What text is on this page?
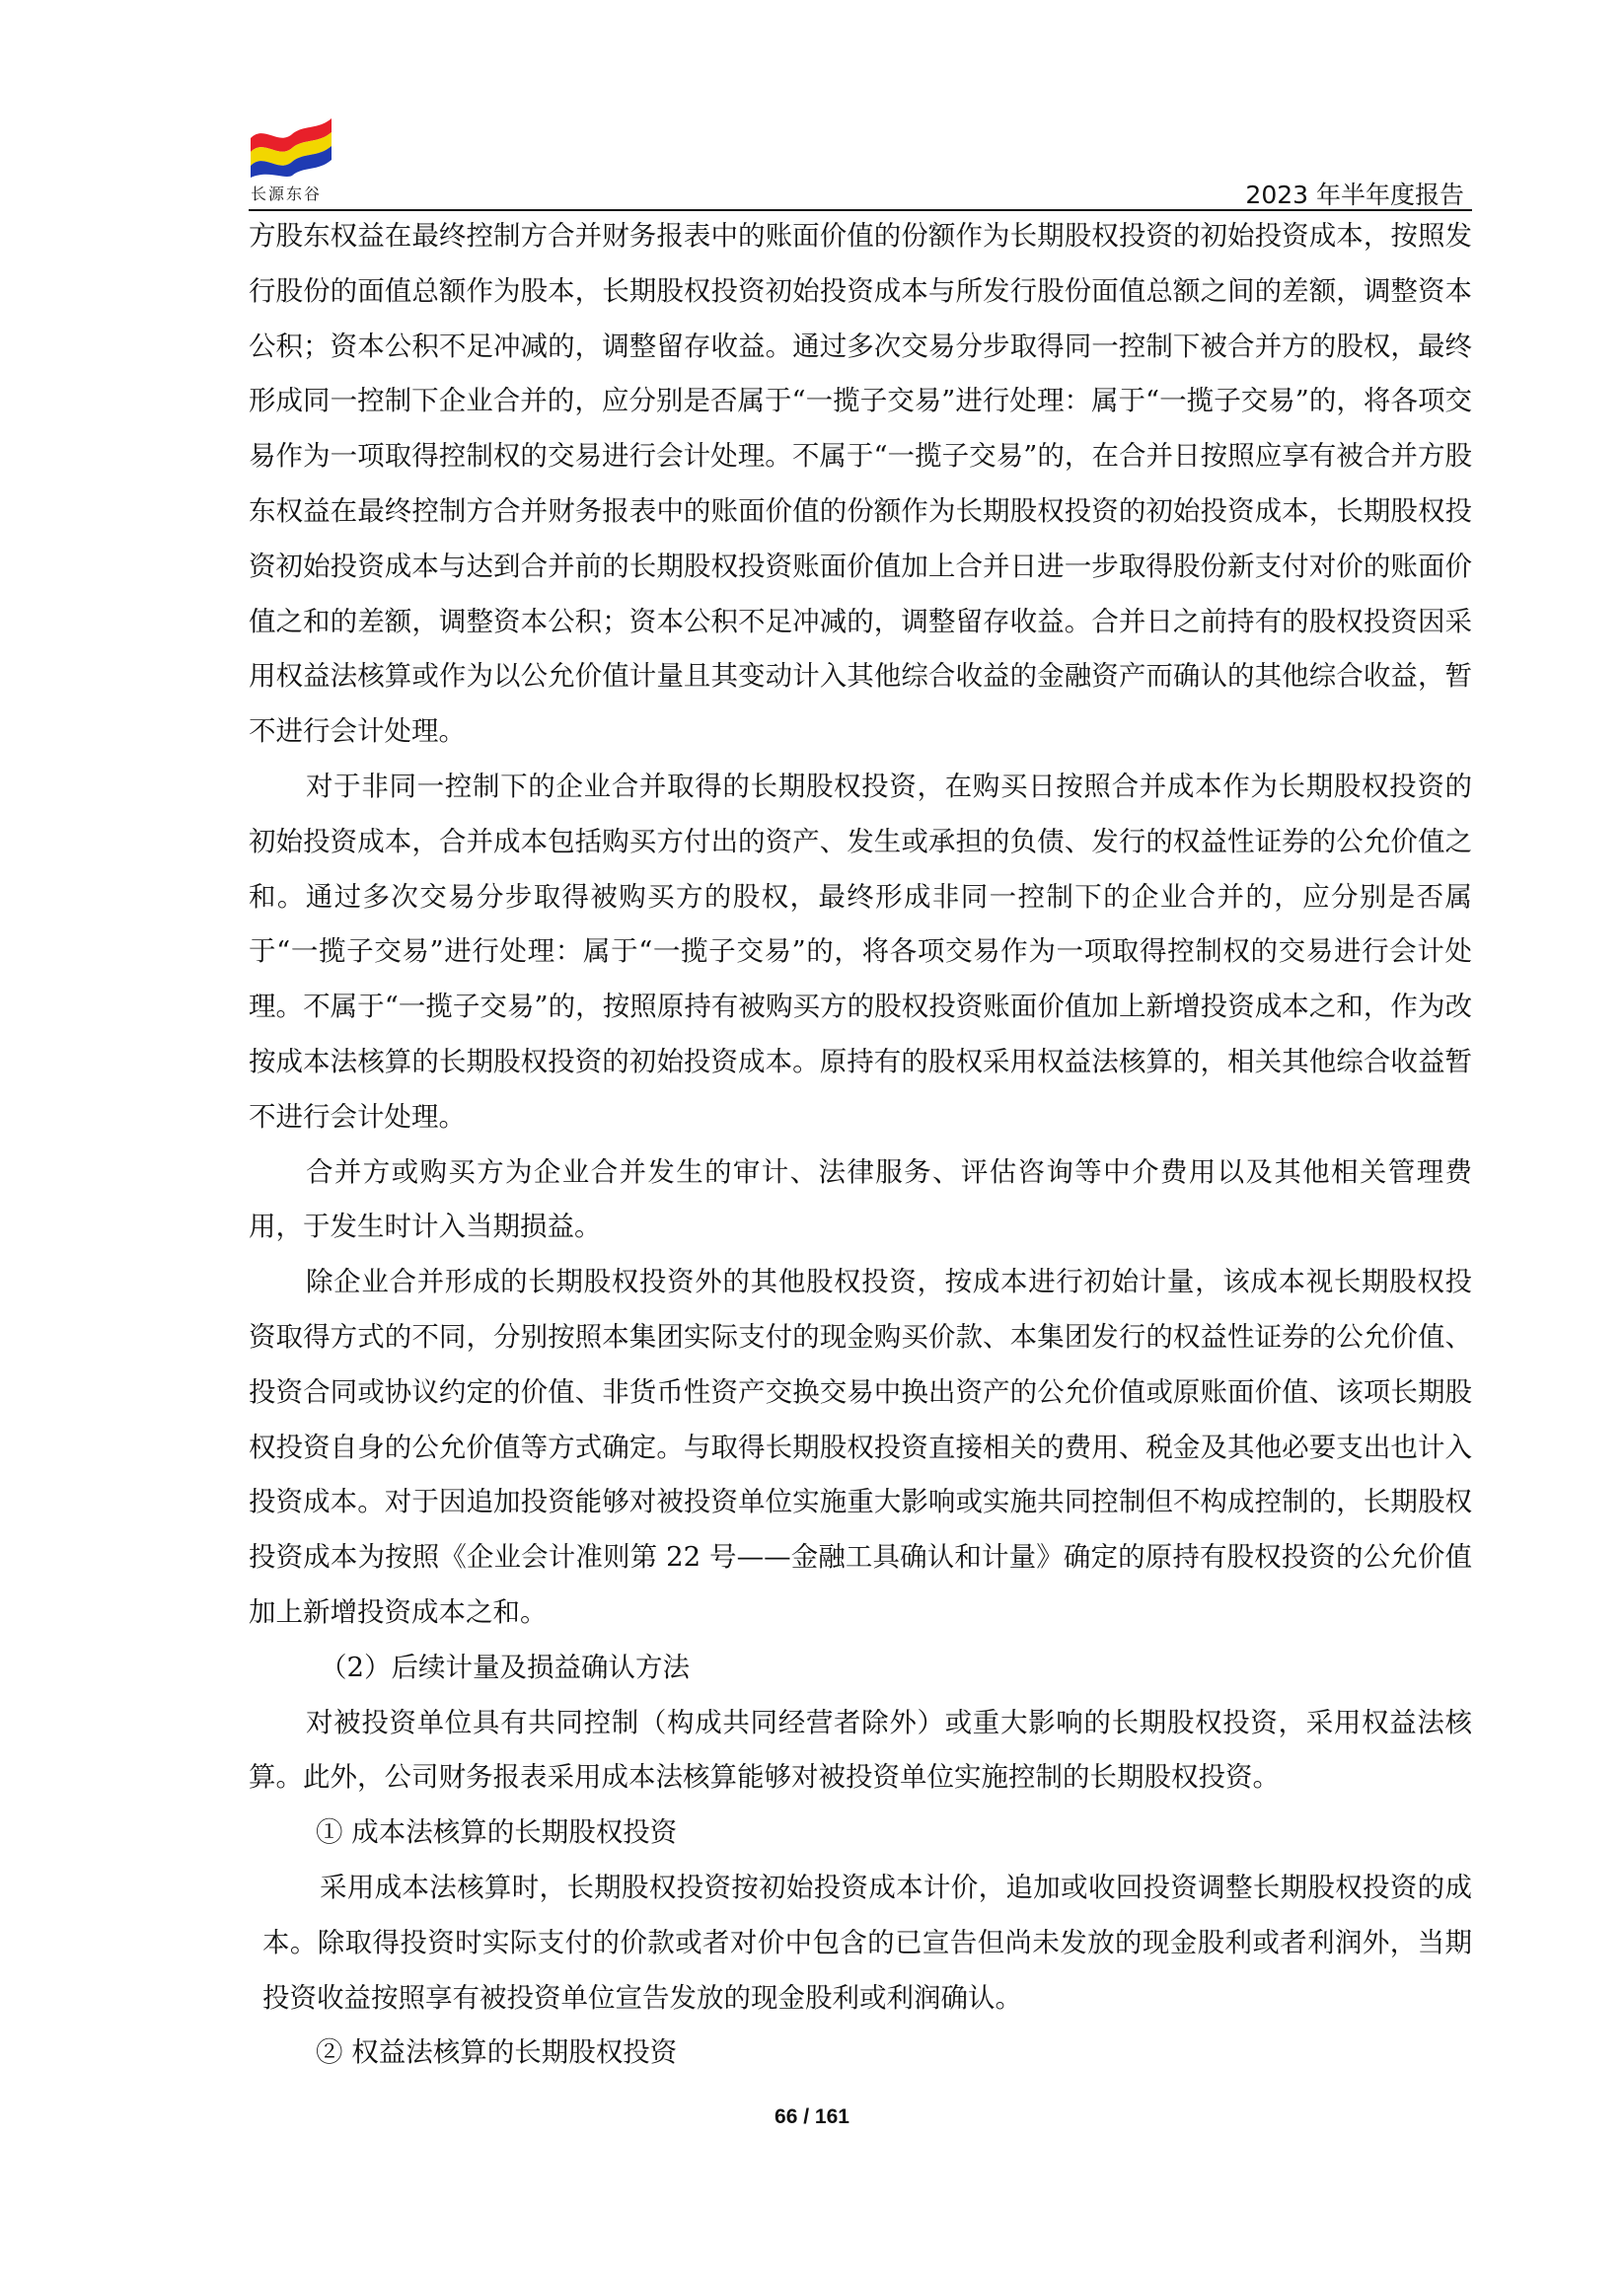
长源东谷	2023 年半年度报告

方股东权益在最终控制方合并财务报表中的账面价值的份额作为长期股权投资的初始投资成本，按照发行股份的面值总额作为股本，长期股权投资初始投资成本与所发行股份面值总额之间的差额，调整资本公积；资本公积不足冲减的，调整留存收益。通过多次交易分步取得同一控制下被合并方的股权，最终形成同一控制下企业合并的，应分别是否属于“一揽子交易”进行处理：属于“一揽子交易”的，将各项交易作为一项取得控制权的交易进行会计处理。不属于“一揽子交易”的，在合并日按照应享有被合并方股东权益在最终控制方合并财务报表中的账面价值的份额作为长期股权投资的初始投资成本，长期股权投资初始投资成本与达到合并前的长期股权投资账面价值加上合并日进一步取得股份新支付对价的账面价值之和的差额，调整资本公积；资本公积不足冲减的，调整留存收益。合并日之前持有的股权投资因采用权益法核算或作为以公允价值计量且其变动计入其他综合收益的金融资产而确认的其他综合收益，暂不进行会计处理。

对于非同一控制下的企业合并取得的长期股权投资，在购买日按照合并成本作为长期股权投资的初始投资成本，合并成本包括购买方付出的资产、发生或承担的负债、发行的权益性证券的公允价值之和。通过多次交易分步取得被购买方的股权，最终形成非同一控制下的企业合并的，应分别是否属于“一揽子交易”进行处理：属于“一揽子交易”的，将各项交易作为一项取得控制权的交易进行会计处理。不属于“一揽子交易”的，按照原持有被购买方的股权投资账面价值加上新增投资成本之和，作为改按成本法核算的长期股权投资的初始投资成本。原持有的股权采用权益法核算的，相关其他综合收益暂不进行会计处理。

合并方或购买方为企业合并发生的审计、法律服务、评估咨询等中介费用以及其他相关管理费用，于发生时计入当期损益。

除企业合并形成的长期股权投资外的其他股权投资，按成本进行初始计量，该成本视长期股权投资取得方式的不同，分别按照本集团实际支付的现金购买价款、本集团发行的权益性证券的公允价值、投资合同或协议约定的价值、非货币性资产交换交易中换出资产的公允价值或原账面价值、该项长期股权投资自身的公允价值等方式确定。与取得长期股权投资直接相关的费用、税金及其他必要支出也计入投资成本。对于因追加投资能够对被投资单位实施重大影响或实施共同控制但不构成控制的，长期股权投资成本为按照《企业会计准则第 22 号——金融工具确认和计量》确定的原持有股权投资的公允价值加上新增投资成本之和。

（2）后续计量及损益确认方法

对被投资单位具有共同控制（构成共同经营者除外）或重大影响的长期股权投资，采用权益法核算。此外，公司财务报表采用成本法核算能够对被投资单位实施控制的长期股权投资。

① 成本法核算的长期股权投资

采用成本法核算时，长期股权投资按初始投资成本计价，追加或收回投资调整长期股权投资的成本。除取得投资时实际支付的价款或者对价中包含的已宣告但尚未发放的现金股利或者利润外，当期投资收益按照享有被投资单位宣告发放的现金股利或利润确认。

② 权益法核算的长期股权投资

66 / 161
